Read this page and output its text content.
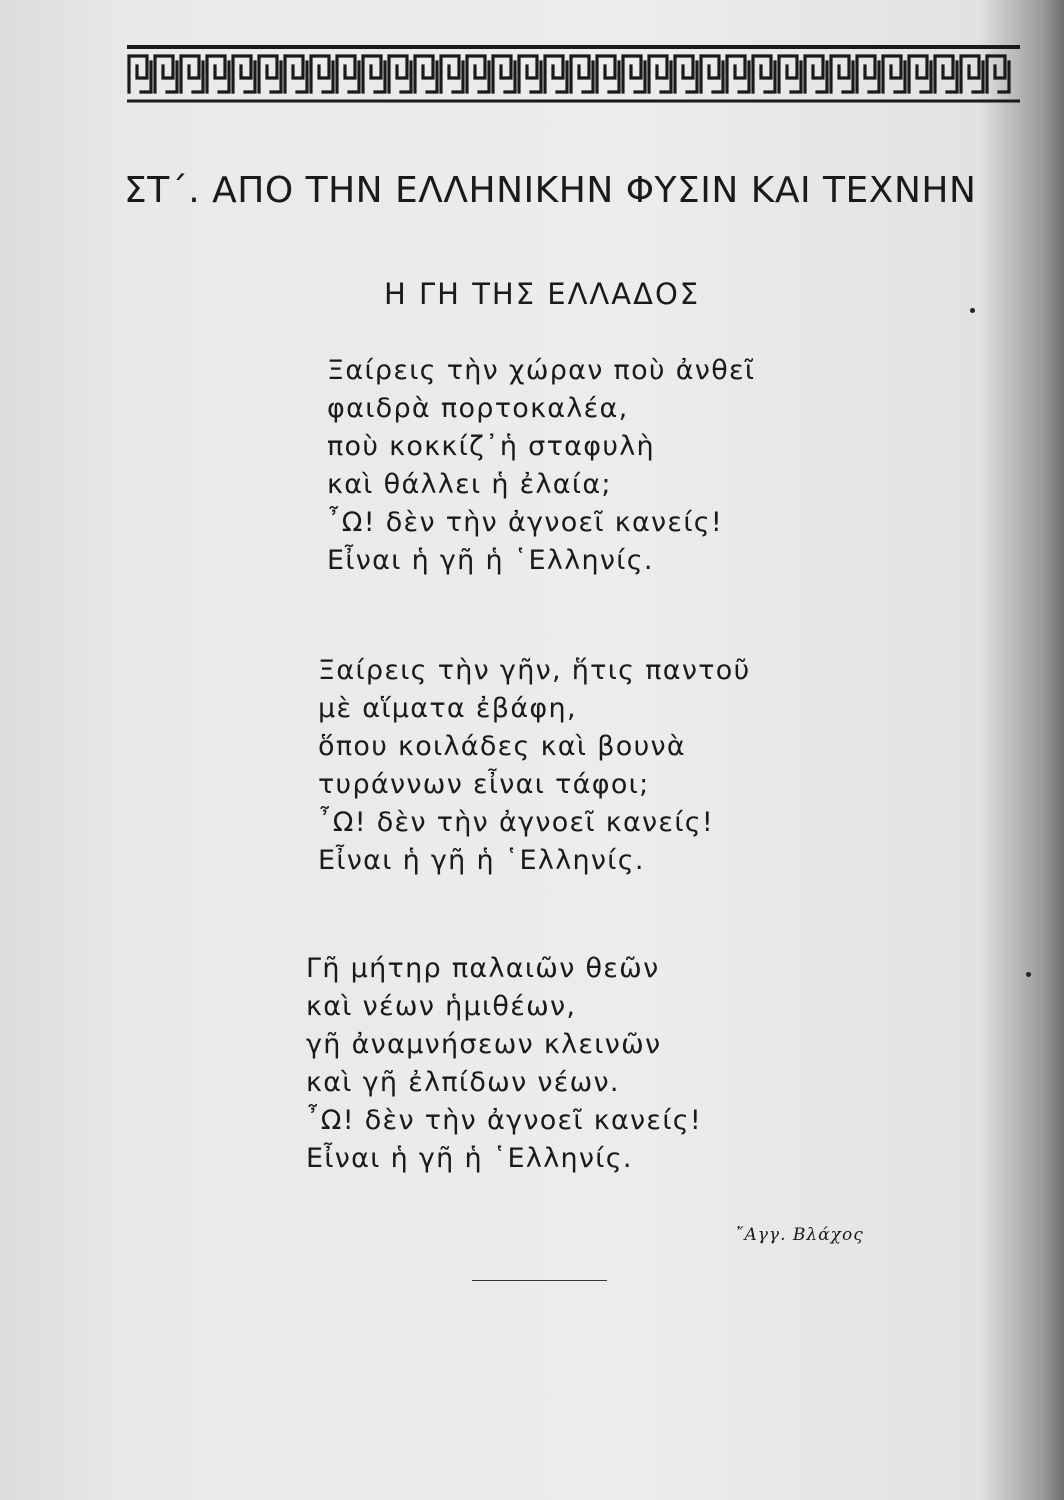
ΣΤ΄. ΑΠΟ ΤΗΝ ΕΛΛΗΝΙΚΗΝ ΦΥΣΙΝ ΚΑΙ ΤΕΧΝΗΝ
Η ΓΗ ΤΗΣ ΕΛΛΑΔΟΣ
Ξαίρεις τὴν χώραν ποὺ ἀνθεῖ
φαιδρὰ πορτοκαλέα,
ποὺ κοκκίζ᾽ἡ σταφυλὴ
καὶ θάλλει ἡ ἐλαία;
῏Ω! δὲν τὴν ἀγνοεῖ κανείς!
Εἶναι ἡ γῆ ἡ ῾Ελληνίς.
Ξαίρεις τὴν γῆν, ἥτις παντοῦ
μὲ αἵματα ἐβάφη,
ὅπου κοιλάδες καὶ βουνὰ
τυράννων εἶναι τάφοι;
῏Ω! δὲν τὴν ἀγνοεῖ κανείς!
Εἶναι ἡ γῆ ἡ ῾Ελληνίς.
Γῆ μήτηρ παλαιῶν θεῶν
καὶ νέων ἡμιθέων,
γῆ ἀναμνήσεων κλεινῶν
καὶ γῆ ἐλπίδων νέων.
῏Ω! δὲν τὴν ἀγνοεῖ κανείς!
Εἶναι ἡ γῆ ἡ ῾Ελληνίς.
῎Αγγ. Βλάχος
